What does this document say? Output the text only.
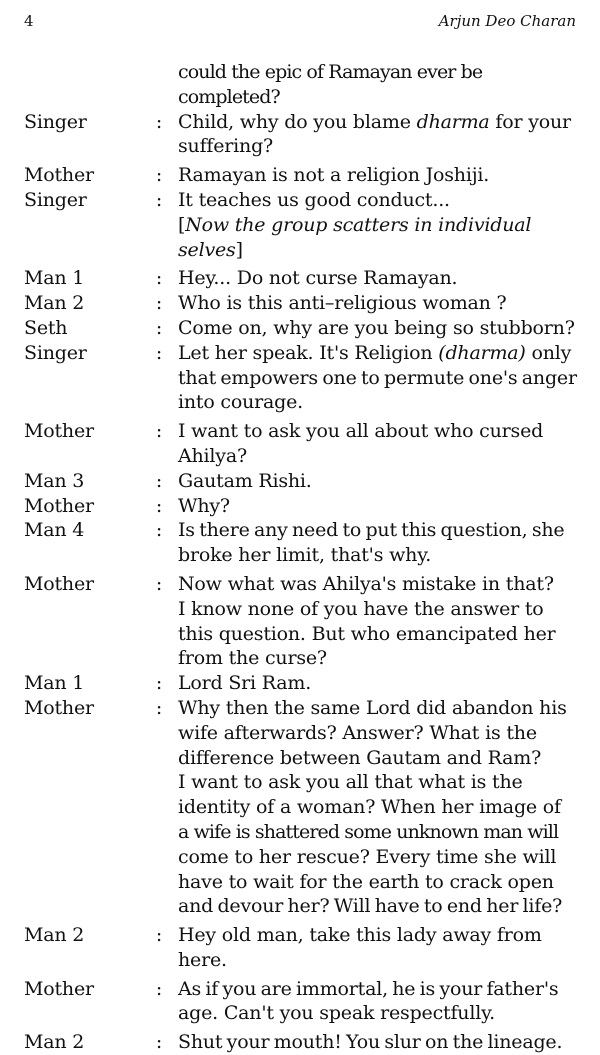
4	Arjun Deo Charan
could the epic of Ramayan ever be completed?
Singer	: Child, why do you blame dharma for your
suffering?
Mother	: Ramayan is not a religion Joshiji.
Singer	: It teaches us good conduct...
[Now the group scatters in individual selves]
Man 1	: Hey... Do not curse Ramayan.
Man 2	: Who is this anti–religious woman ?
Seth	: Come on, why are you being so stubborn?
Singer	: Let her speak. It's Religion (dharma) only
that empowers one to permute one's anger
into courage.
Mother	: I want to ask you all about who cursed
Ahilya?
Man 3	: Gautam Rishi.
Mother	: Why?
Man 4	: Is there any need to put this question, she
broke her limit, that's why.
Mother	: Now what was Ahilya's mistake in that?
I know none of you have the answer to
this question. But who emancipated her
from the curse?
Man 1	: Lord Sri Ram.
Mother	: Why then the same Lord did abandon his
wife afterwards? Answer? What is the
difference between Gautam and Ram?
I want to ask you all that what is the
identity of a woman? When her image of
a wife is shattered some unknown man will
come to her rescue? Every time she will
have to wait for the earth to crack open
and devour her? Will have to end her life?
Man 2	: Hey old man, take this lady away from
here.
Mother	: As if you are immortal, he is your father's
age. Can't you speak respectfully.
Man 2	: Shut your mouth! You slur on the lineage.
